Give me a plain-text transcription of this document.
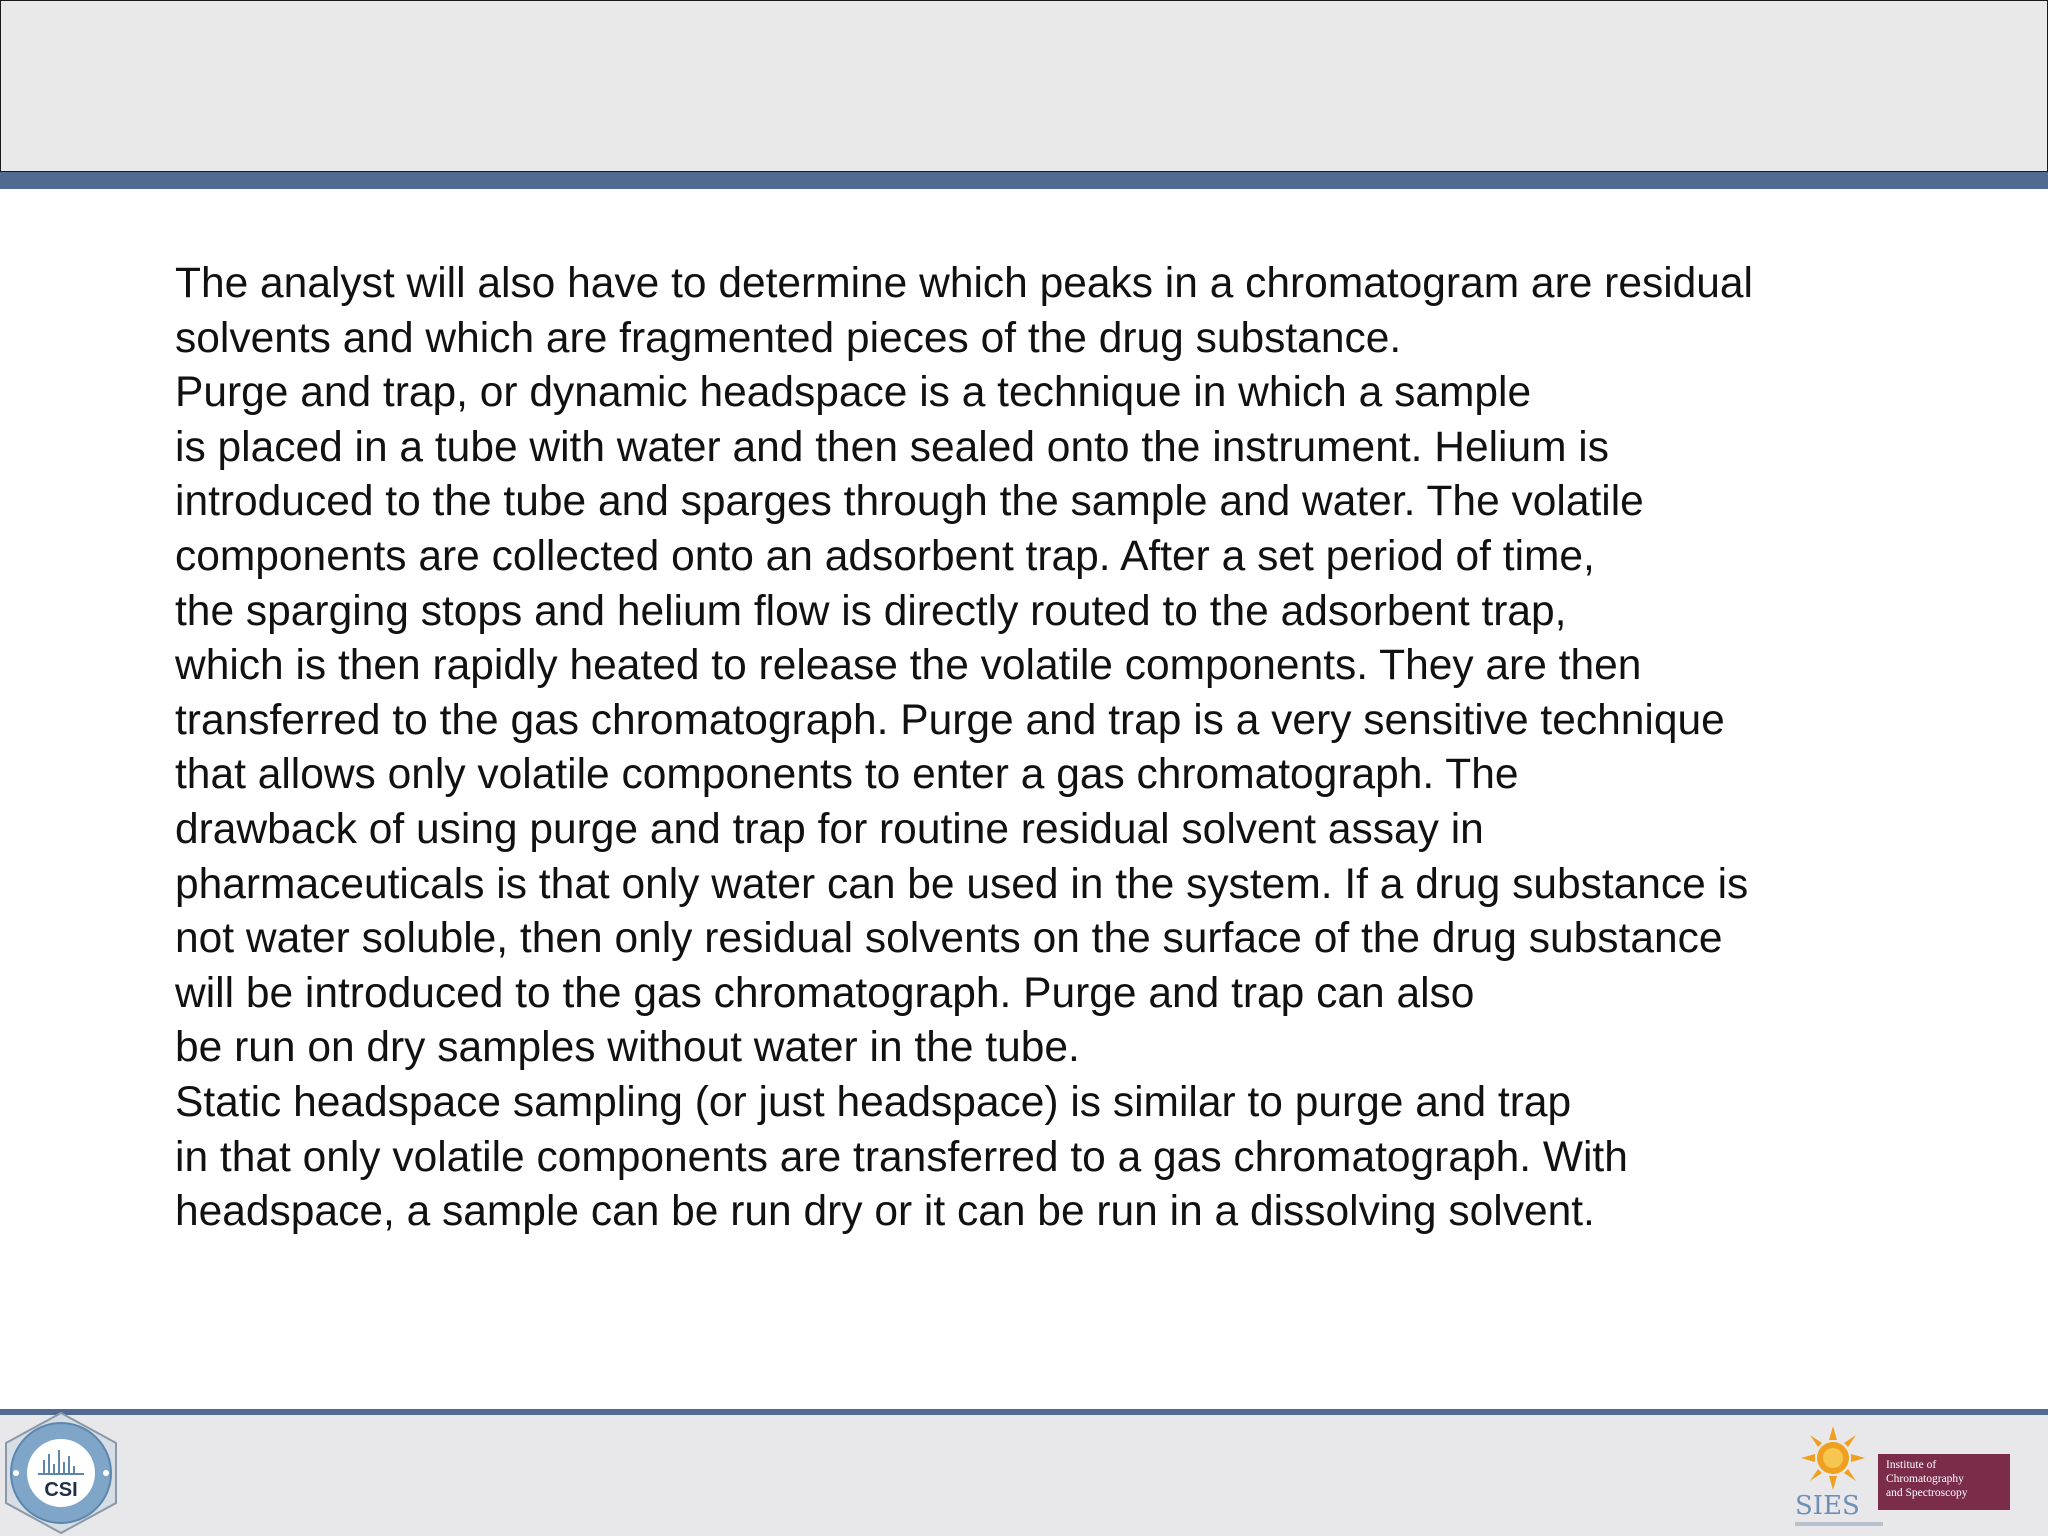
The analyst will also have to determine which peaks in a chromatogram are residual
solvents and which are fragmented pieces of the drug substance.
Purge and trap, or dynamic headspace is a technique in which a sample
is placed in a tube with water and then sealed onto the instrument. Helium is
introduced to the tube and sparges through the sample and water. The volatile
components are collected onto an adsorbent trap. After a set period of time,
the sparging stops and helium flow is directly routed to the adsorbent trap,
which is then rapidly heated to release the volatile components. They are then
transferred to the gas chromatograph. Purge and trap is a very sensitive technique
that allows only volatile components to enter a gas chromatograph. The
drawback of using purge and trap for routine residual solvent assay in
pharmaceuticals is that only water can be used in the system. If a drug substance is
not water soluble, then only residual solvents on the surface of the drug substance
will be introduced to the gas chromatograph. Purge and trap can also
be run on dry samples without water in the tube.
Static headspace sampling (or just headspace) is similar to purge and trap
in that only volatile components are transferred to a gas chromatograph. With
headspace, a sample can be run dry or it can be run in a dissolving solvent.
CSI
SIES
Institute of
Chromatography
and Spectroscopy
